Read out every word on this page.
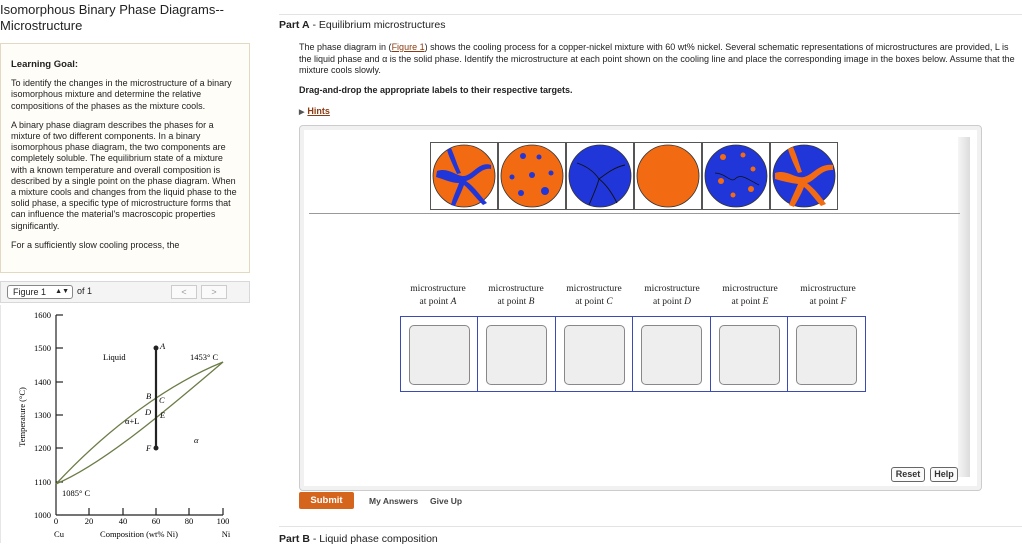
Isomorphous Binary Phase Diagrams--
Microstructure
Learning Goal:

To identify the changes in the microstructure of a binary isomorphous mixture and determine the relative compositions of the phases as the mixture cools.

A binary phase diagram describes the phases for a mixture of two different components. In a binary isomorphous phase diagram, the two components are completely soluble. The equilibrium state of a mixture with a known temperature and overall composition is described by a single point on the phase diagram. When a mixture cools and changes from the liquid phase to the solid phase, a specific type of microstructure forms that can influence the material's macroscopic properties significantly.

For a sufficiently slow cooling process, the

Figure 1 ▲▼ of 1	<	>
1600
1500
1400
1300
1200
1100
1000
0	20	40	60	80	100
Cu	Composition (wt% Ni)	Ni
Temperature (°C)
A
B C
D E
F
Liquid
α+L
α
1453° C
1085° C
Part A - Equilibrium microstructures
The phase diagram in (Figure 1) shows the cooling process for a copper-nickel mixture with 60 wt% nickel. Several schematic representations of microstructures are provided, L is the liquid phase and α is the solid phase. Identify the microstructure at each point shown on the cooling line and place the corresponding image in the boxes below. Assume that the mixture cools slowly.
Drag-and-drop the appropriate labels to their respective targets.
▶ Hints
microstructure
at point A
microstructure
at point B
microstructure
at point C
microstructure
at point D
microstructure
at point E
microstructure
at point F
Reset	Help
Submit	My Answers Give Up
Part B - Liquid phase composition
